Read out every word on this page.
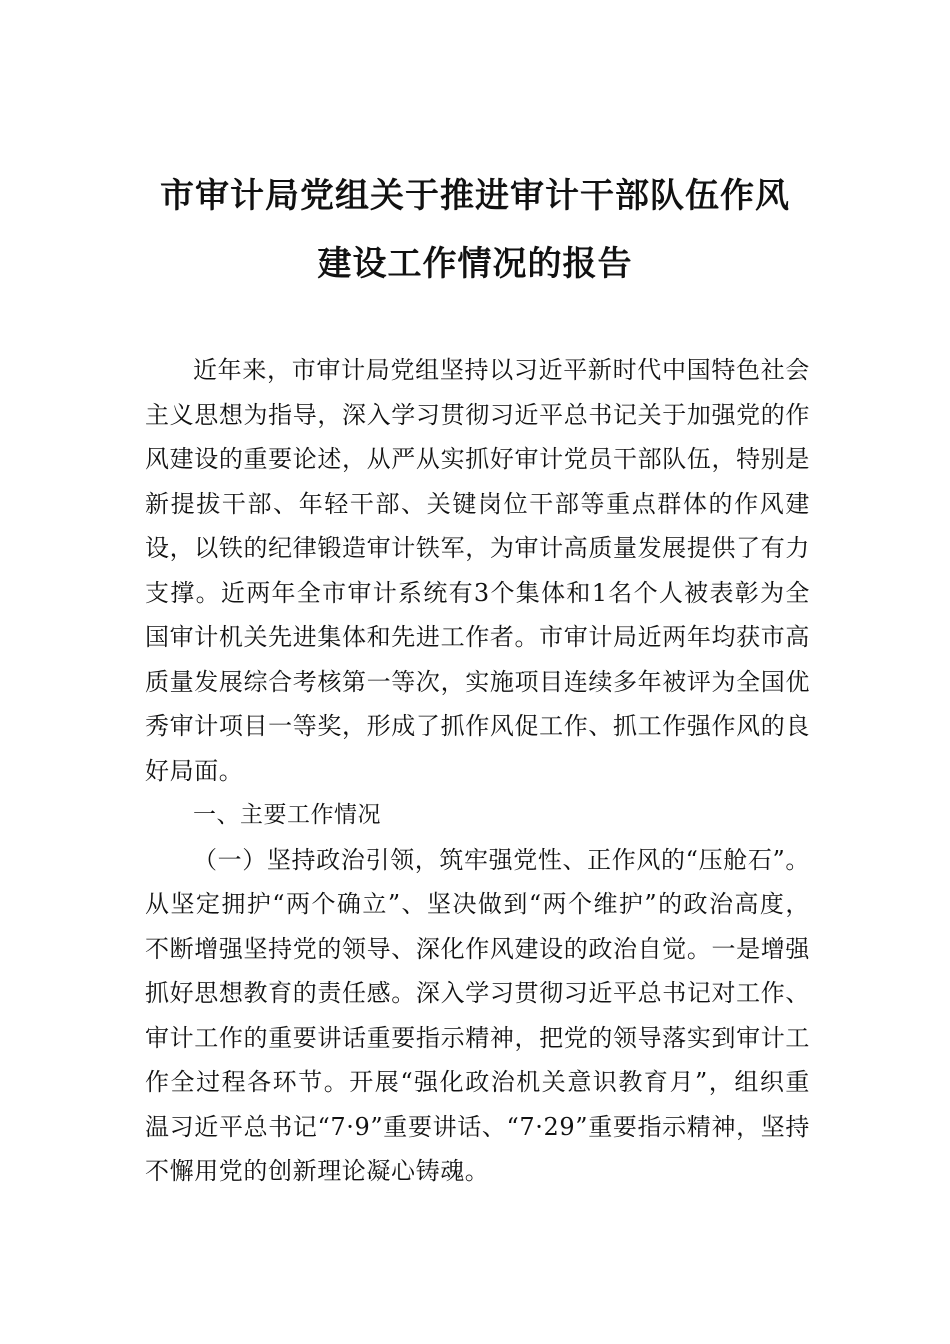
市审计局党组关于推进审计干部队伍作风
建设工作情况的报告

近年来，市审计局党组坚持以习近平新时代中国特色社会主义思想为指导，深入学习贯彻习近平总书记关于加强党的作风建设的重要论述，从严从实抓好审计党员干部队伍，特别是新提拔干部、年轻干部、关键岗位干部等重点群体的作风建设，以铁的纪律锻造审计铁军，为审计高质量发展提供了有力支撑。近两年全市审计系统有3个集体和1名个人被表彰为全国审计机关先进集体和先进工作者。市审计局近两年均获市高质量发展综合考核第一等次，实施项目连续多年被评为全国优秀审计项目一等奖，形成了抓作风促工作、抓工作强作风的良好局面。

一、主要工作情况

（一）坚持政治引领，筑牢强党性、正作风的“压舱石”。从坚定拥护“两个确立”、坚决做到“两个维护”的政治高度，不断增强坚持党的领导、深化作风建设的政治自觉。一是增强抓好思想教育的责任感。深入学习贯彻习近平总书记对工作、审计工作的重要讲话重要指示精神，把党的领导落实到审计工作全过程各环节。开展“强化政治机关意识教育月”，组织重温习近平总书记“7·9”重要讲话、“7·29”重要指示精神，坚持不懈用党的创新理论凝心铸魂。
